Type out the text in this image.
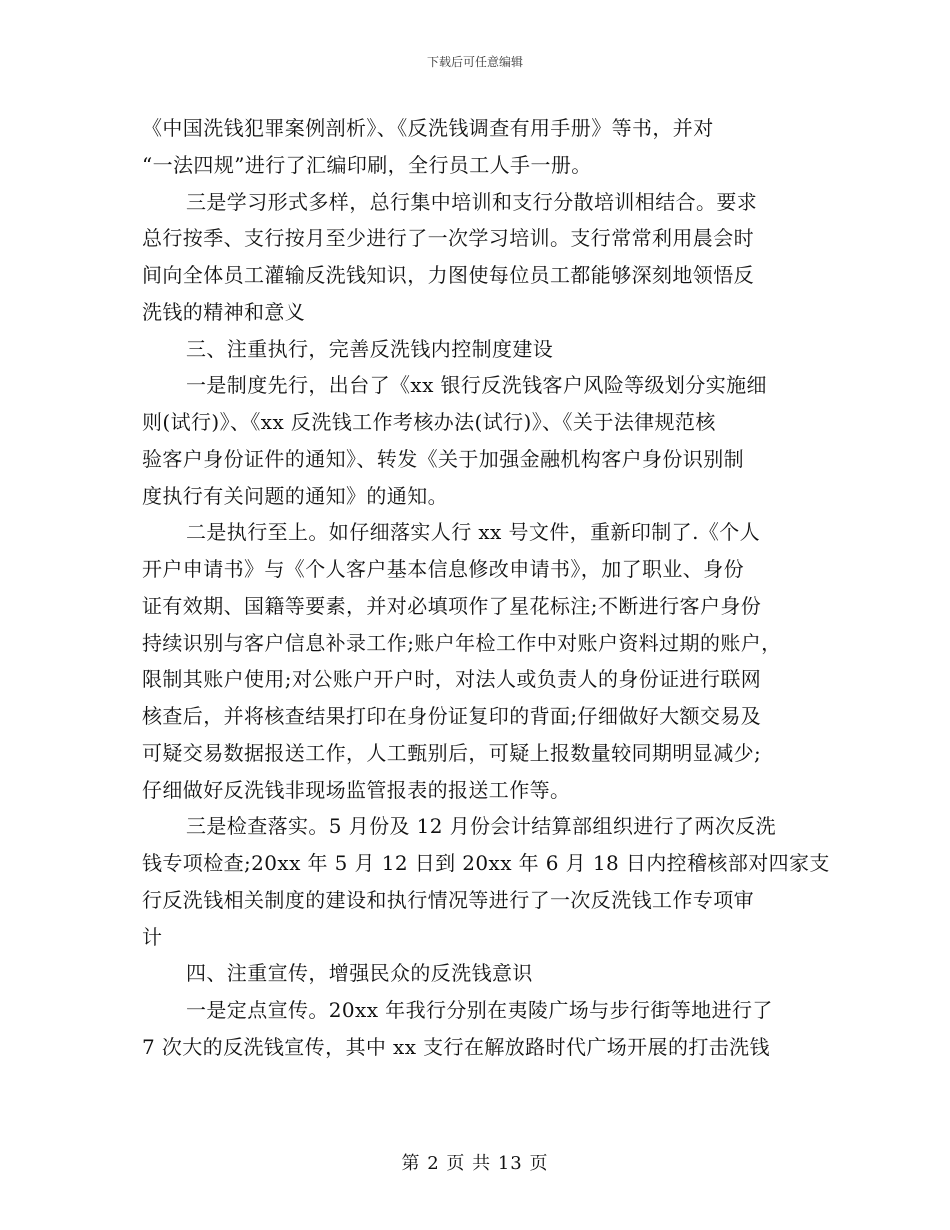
下载后可任意编辑
《中国洗钱犯罪案例剖析》、《反洗钱调查有用手册》等书，并对
“一法四规”进行了汇编印刷，全行员工人手一册。
三是学习形式多样，总行集中培训和支行分散培训相结合。要求
总行按季、支行按月至少进行了一次学习培训。支行常常利用晨会时
间向全体员工灌输反洗钱知识，力图使每位员工都能够深刻地领悟反
洗钱的精神和意义
三、注重执行，完善反洗钱内控制度建设
一是制度先行，出台了《xx 银行反洗钱客户风险等级划分实施细
则(试行)》、《xx 反洗钱工作考核办法(试行)》、《关于法律规范核
验客户身份证件的通知》、转发《关于加强金融机构客户身份识别制
度执行有关问题的通知》的通知。
二是执行至上。如仔细落实人行 xx 号文件，重新印制了.《个人
开户申请书》与《个人客户基本信息修改申请书》，加了职业、身份
证有效期、国籍等要素，并对必填项作了星花标注;不断进行客户身份
持续识别与客户信息补录工作;账户年检工作中对账户资料过期的账户，
限制其账户使用;对公账户开户时，对法人或负责人的身份证进行联网
核查后，并将核查结果打印在身份证复印的背面;仔细做好大额交易及
可疑交易数据报送工作，人工甄别后，可疑上报数量较同期明显减少;
仔细做好反洗钱非现场监管报表的报送工作等。
三是检查落实。5 月份及 12 月份会计结算部组织进行了两次反洗
钱专项检查;20xx 年 5 月 12 日到 20xx 年 6 月 18 日内控稽核部对四家支
行反洗钱相关制度的建设和执行情况等进行了一次反洗钱工作专项审
计
四、注重宣传，增强民众的反洗钱意识
一是定点宣传。20xx 年我行分别在夷陵广场与步行街等地进行了
7 次大的反洗钱宣传，其中 xx 支行在解放路时代广场开展的打击洗钱
第 2 页 共 13 页
